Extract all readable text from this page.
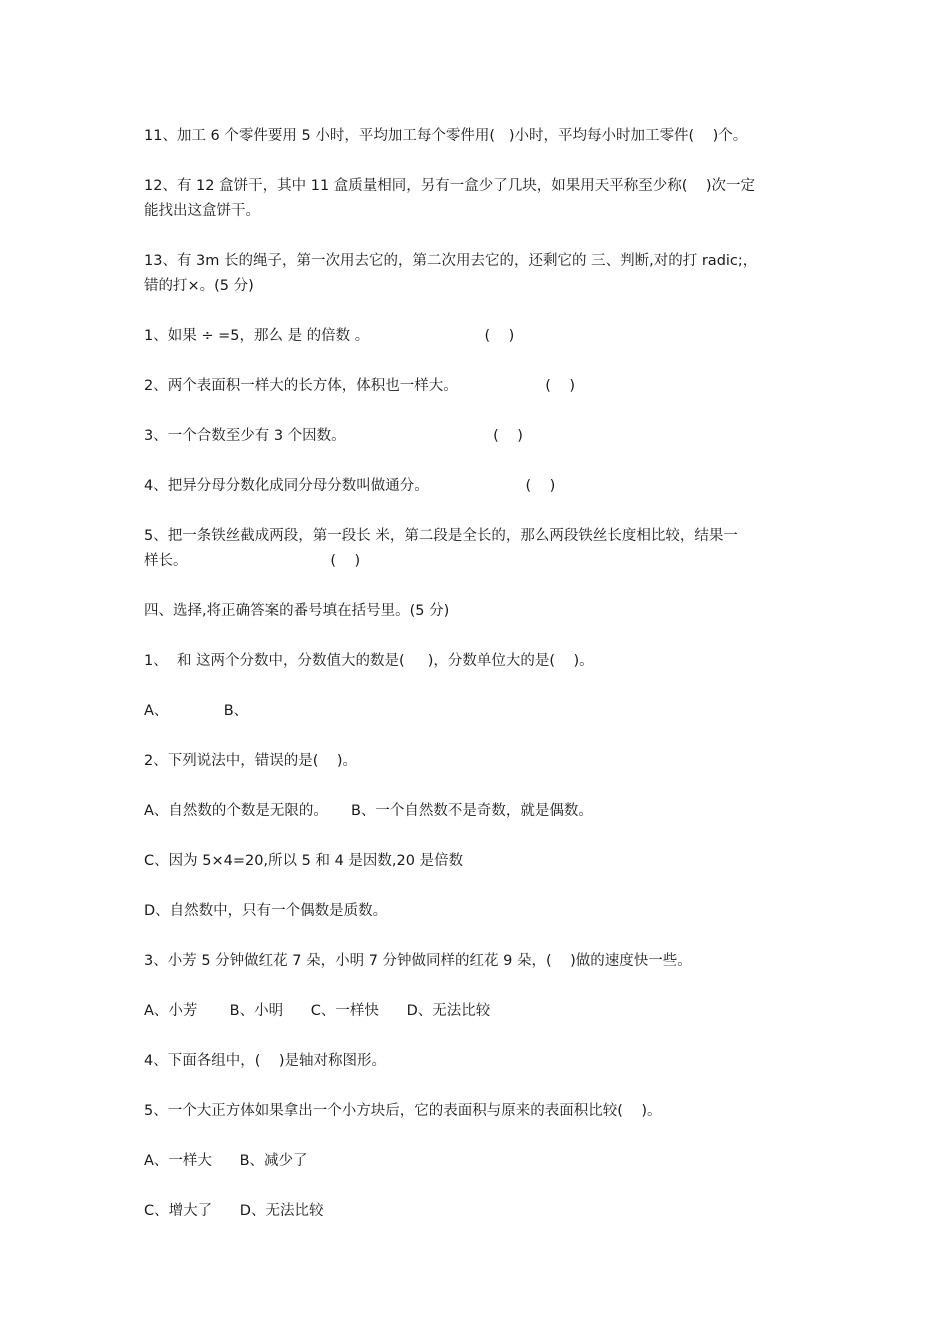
11、加工 6 个零件要用 5 小时，平均加工每个零件用(   )小时，平均每小时加工零件(    )个。
12、有 12 盒饼干，其中 11 盒质量相同，另有一盒少了几块，如果用天平称至少称(    )次一定
能找出这盒饼干。
13、有 3m 长的绳子，第一次用去它的，第二次用去它的，还剩它的 三、判断,对的打 radic;，
错的打×。(5 分)
1、如果 ÷ =5，那么 是 的倍数 。                         (    )
2、两个表面积一样大的长方体，体积也一样大。                   (    )
3、一个合数至少有 3 个因数。                                (    )
4、把异分母分数化成同分母分数叫做通分。                     (    )
5、把一条铁丝截成两段，第一段长 米，第二段是全长的，那么两段铁丝长度相比较，结果一
样长。                               (    )
四、选择,将正确答案的番号填在括号里。(5 分)
1、  和 这两个分数中，分数值大的数是(     )，分数单位大的是(    )。
A、            B、
2、下列说法中，错误的是(    )。
A、自然数的个数是无限的。     B、一个自然数不是奇数，就是偶数。
C、因为 5×4=20,所以 5 和 4 是因数,20 是倍数
D、自然数中，只有一个偶数是质数。
3、小芳 5 分钟做红花 7 朵，小明 7 分钟做同样的红花 9 朵，(    )做的速度快一些。
A、小芳       B、小明      C、一样快      D、无法比较
4、下面各组中，(    )是轴对称图形。
5、一个大正方体如果拿出一个小方块后，它的表面积与原来的表面积比较(    )。
A、一样大      B、减少了
C、增大了      D、无法比较
